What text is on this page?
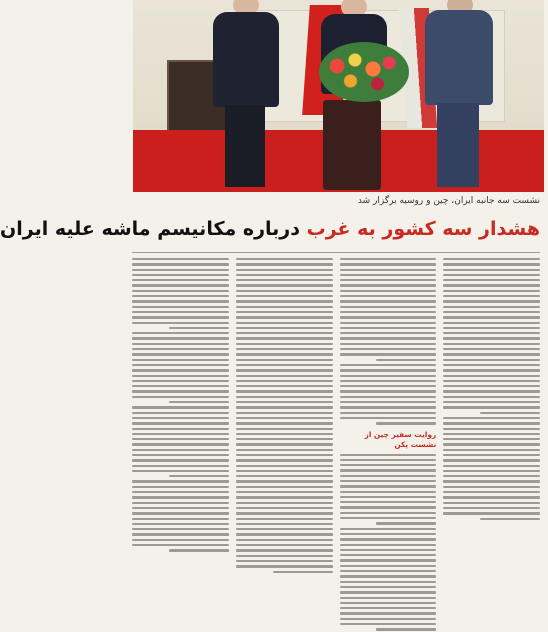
نشست سه جانبه ایران، چین و روسیه برگزار شد
هشدار سه کشور به غرب درباره مکانیسم ماشه علیه ایران
روایت سفیر چین از نشست پکن
